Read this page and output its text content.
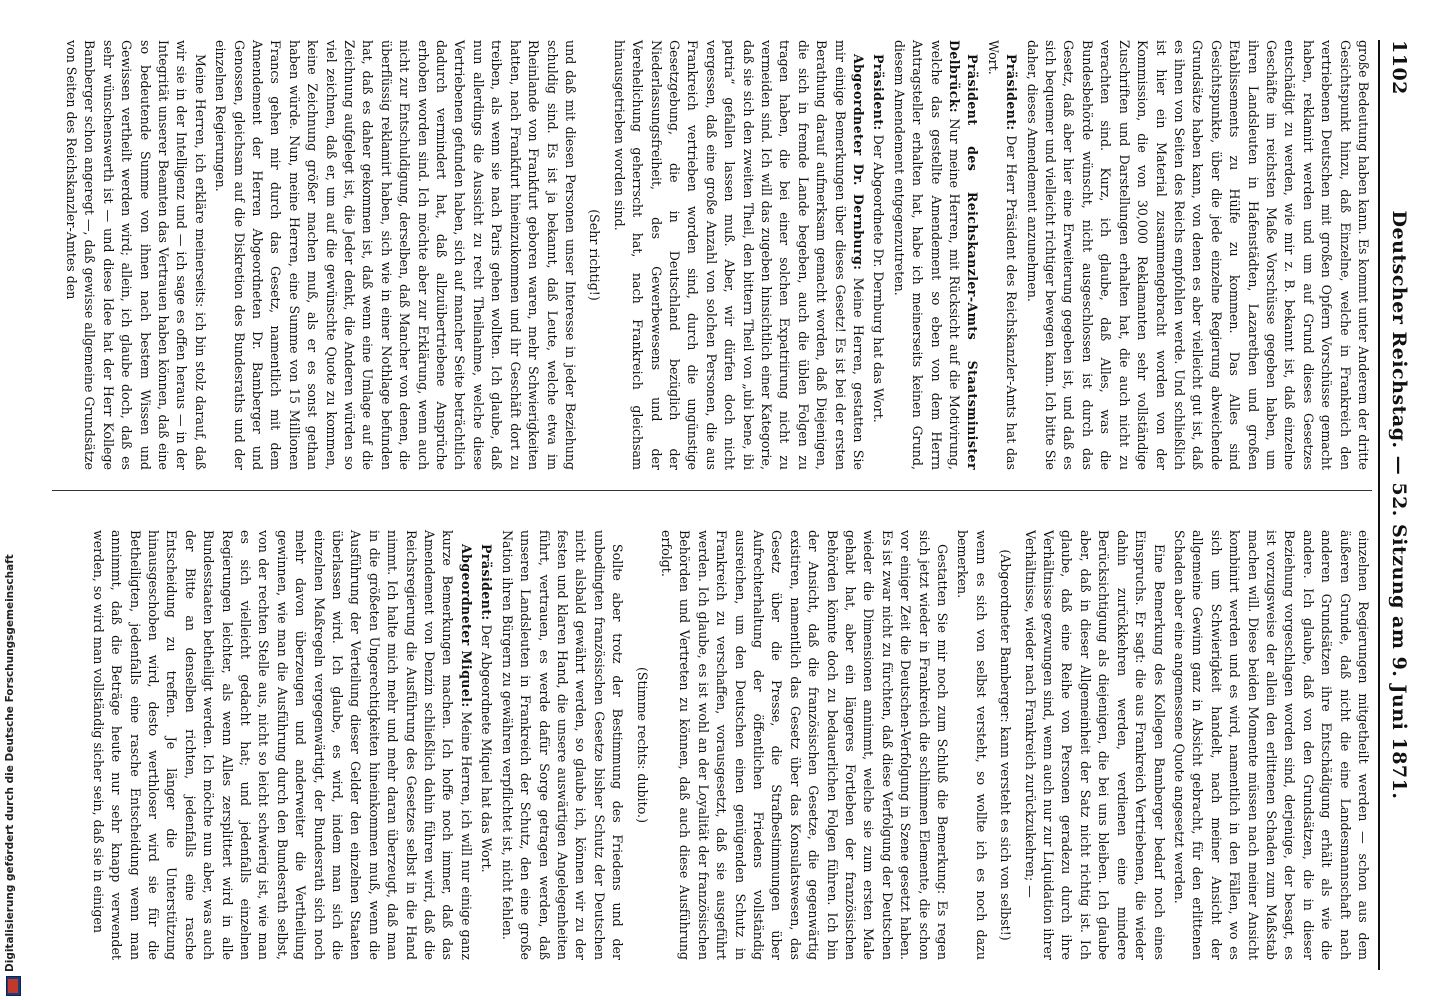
1102
Deutscher Reichstag. — 52. Sitzung am 9. Juni 1871.

große Bedeutung haben kann. Es kommt unter Anderem der dritte Gesichtspunkt hinzu, daß Einzelne, welche in Frankreich den vertriebenen Deutschen mit großen Opfern Vorschüsse gemacht haben, reklamirt werden und um auf Grund dieses Gesetzes entschädigt zu werden, wie mir z. B. bekannt ist, daß einzelne Geschäfte im reichsten Maße Vorschüsse gegeben haben, um ihren Landsleuten in Hafenstädten, Lazarethen und großen Etablissements zu Hülfe zu kommen. Das Alles sind Gesichtspunkte, über die jede einzelne Regierung abweichende Grundsätze haben kann, von denen es aber vielleicht gut ist, daß es ihnen von Seiten des Reichs empfohlen werde. Und schließlich ist hier ein Material zusammengebracht worden von der Kommission, die von 30,000 Reklamanten sehr vollständige Zuschriften und Darstellungen erhalten hat, die auch nicht zu verachten sind. Kurz, ich glaube, daß Alles, was die Bundesbehörde wünscht, nicht ausgeschlossen ist durch das Gesetz, daß aber hier eine Erweiterung gegeben ist, und daß es sich bequemer und vielleicht richtiger bewegen kann. Ich bitte Sie daher, dieses Amendement anzunehmen.

Präsident: Der Herr Präsident des Reichskanzler-Amts hat das Wort.

Präsident des Reichskanzler-Amts Staatsminister Delbrück: Nur meine Herren, mit Rücksicht auf die Motivirung, welche das gestellte Amendement so eben von dem Herrn Antragsteller erhalten hat, habe ich meinerseits keinen Grund, diesem Amendement entgegenzutreten.

Präsident: Der Abgeordnete Dr. Dernburg hat das Wort.

Abgeordneter Dr. Dernburg: Meine Herren, gestatten Sie mir einige Bemerkungen über dieses Gesetz! Es ist bei der ersten Berathung darauf aufmerksam gemacht worden, daß Diejenigen, die sich in fremde Lande begeben, auch die üblen Folgen zu tragen haben, die bei einer solchen Expatriirung nicht zu vermeiden sind. Ich will das zugeben hinsichtlich einer Kategorie, daß sie sich den zweiten Theil, den bittern Theil von „ubi bene, ibi patria“ gefallen lassen muß. Aber, wir dürfen doch nicht vergessen, daß eine große Anzahl von solchen Personen, die aus Frankreich vertrieben worden sind, durch die ungünstige Gesetzgebung, die in Deutschland bezüglich der Niederlassungsfreiheit, des Gewerbewesens und der Verehelichung geherrscht hat, nach Frankreich gleichsam hinausgetrieben worden sind.

(Sehr richtig!)

und daß mit diesen Personen unser Interesse in jeder Beziehung schuldig sind. Es ist ja bekannt, daß Leute, welche etwa im Rheinlande von Frankfurt geboren waren, mehr Schwierigkeiten hatten, nach Frankfurt hineinzukommen und ihr Geschäft dort zu treiben, als wenn sie nach Paris gehen wollten. Ich glaube, daß nun allerdings die Aussicht zu recht Theilnahme, welche diese Vertriebenen gefunden haben, sich auf mancher Seite beträchtlich dadurch vermindert hat, daß allzuübertriebene Ansprüche erhoben worden sind. Ich möchte aber zur Erklärung, wenn auch nicht zur Entschuldigung, derselben, daß Mancher von denen, die überflüssig reklamirt haben, sich wie in einer Nothlage befunden hat, daß es daher gekommen ist, daß wenn eine Umlage auf die Zeichnung aufgelegt ist, die Jeder denkt, die Anderen würden so viel zeichnen, daß er, um auf die gewünschte Quote zu kommen, keine Zeichnung größer machen muß, als er es sonst gethan haben würde. Nun, meine Herren, eine Summe von 15 Millionen Francs gehen mir durch das Gesetz, namentlich mit dem Amendement der Herren Abgeordneten Dr. Bamberger und Genossen, gleichsam auf die Diskretion des Bundesraths und der einzelnen Regierungen.

Meine Herren, ich erkläre meinerseits: ich bin stolz darauf, daß wir sie in der Intelligenz und — ich sage es offen heraus — in der Integrität unserer Beamten das Vertrauen haben können, daß eine so bedeutende Summe von ihnen nach bestem Wissen und Gewissen vertheilt werden wird; allein, ich glaube doch, daß es sehr wünschenswerth ist — und diese Idee hat der Herr Kollege Bamberger schon angeregt —, daß gewisse allgemeine Grundsätze von Seiten des Reichskanzler-Amtes den

einzelnen Regierungen mitgetheilt werden — schon aus dem äußeren Grunde, daß nicht die eine Landesmannschaft nach anderen Grundsätzen ihre Entschädigung erhält als wie die andere. Ich glaube, daß von den Grundsätzen, die in dieser Beziehung vorgeschlagen worden sind, derjenige, der besagt, es ist vorzugsweise der allein den erlittenen Schaden zum Maßstab machen will. Diese beiden Momente müssen nach meiner Ansicht kombinirt werden und es wird, namentlich in den Fällen, wo es sich um Schwierigkeit handelt, nach meiner Ansicht der allgemeine Gewinn ganz in Absicht gebracht, für den erlittenen Schaden aber eine angemessene Quote angesetzt werden.

Eine Bemerkung des Kollegen Bamberger bedarf noch eines Einspruchs. Er sagt: die aus Frankreich Vertriebenen, die wieder dahin zurückkehren werden, verdienen eine mindere Berücksichtigung als diejenigen, die bei uns bleiben. Ich glaube aber, daß in dieser Allgemeinheit der Satz nicht richtig ist. Ich glaube, daß eine Reihe von Personen geradezu durch ihre Verhältnisse gezwungen sind, wenn auch nur zur Liquidation ihrer Verhältnisse, wieder nach Frankreich zurückzukehren; —

(Abgeordneter Bamberger: kann versteht es sich von selbst!)

wenn es sich von selbst versteht, so wollte ich es noch dazu bemerken.

Gestatten Sie mir noch zum Schluß die Bemerkung: Es regen sich jetzt wieder in Frankreich die schlimmen Elemente, die schon vor einiger Zeit die Deutschen-Verfolgung in Szene gesetzt haben. Es ist zwar nicht zu fürchten, daß diese Verfolgung der Deutschen wieder die Dimensionen annimmt, welche sie zum ersten Male gehabt hat, aber ein längeres Fortleben der französischen Behörden könnte doch zu bedauerlichen Folgen führen. Ich bin der Ansicht, daß die französischen Gesetze, die gegenwärtig existiren, namentlich das Gesetz über das Konsulatswesen, das Gesetz über die Presse, die Strafbestimmungen über Aufrechterhaltung der öffentlichen Friedens vollständig ausreichen, um den Deutschen einen genügenden Schutz in Frankreich zu verschaffen, vorausgesetzt, daß sie ausgeführt werden. Ich glaube, es ist wohl an der Loyalität der französischen Behörden und Vertreten zu können, daß auch diese Ausführung erfolgt.

(Stimme rechts: dubito.)

Sollte aber trotz der Bestimmung des Friedens und der unbedingten französischen Gesetze bisher Schutz der Deutschen nicht alsbald gewährt werden, so glaube ich, können wir zu der festen und klaren Hand, die unsere auswärtigen Angelegenheiten führt, vertrauen, es werde dafür Sorge getragen werden, daß unseren Landsleuten in Frankreich der Schutz, den eine große Nation ihren Bürgern zu gewähren verpflichtet ist, nicht fehlen.

Präsident: Der Abgeordnete Miquel hat das Wort.

Abgeordneter Miquel: Meine Herren, ich will nur einige ganz kurze Bemerkungen machen. Ich hoffe noch immer, daß das Amendement von Denzin schließlich dahin führen wird, daß die Reichsregierung die Ausführung des Gesetzes selbst in die Hand nimmt. Ich halte mich mehr und mehr daran überzeugt, daß man in die größeten Ungerechtigkeiten hineinkommen muß, wenn die Ausführung der Verteilung dieser Gelder den einzelnen Staaten überlassen wird. Ich glaube, es wird, indem man sich die einzelnen Maßregeln vergegenwärtigt, der Bundesrath sich noch mehr davon überzeugen und anderweiter die Vertheilung gewinnen, wie man die Ausführung durch den Bundesrath selbst, von der rechten Stelle aus, nicht so leicht schwierig ist, wie man es sich vielleicht gedacht hat; und jedenfalls einzelnen Regierungen leichter, als wenn Alles zersplittert wird in alle Bundesstaaten betheiligt werden. Ich möchte nun aber, was auch der Bitte an denselben richten, jedenfalls eine rasche Entscheidung zu treffen. Je länger die Unterstützung hinausgeschoben wird, desto werthloser wird sie für die Betheiligten, jedenfalls eine rasche Entscheidung wenn man annimmt, daß die Beträge heute nur sehr knapp verwendet werden, so wird man vollständig sicher sein, daß sie in einigen

Digitalisierung gefördert durch die Deutsche Forschungsgemeinschaft
